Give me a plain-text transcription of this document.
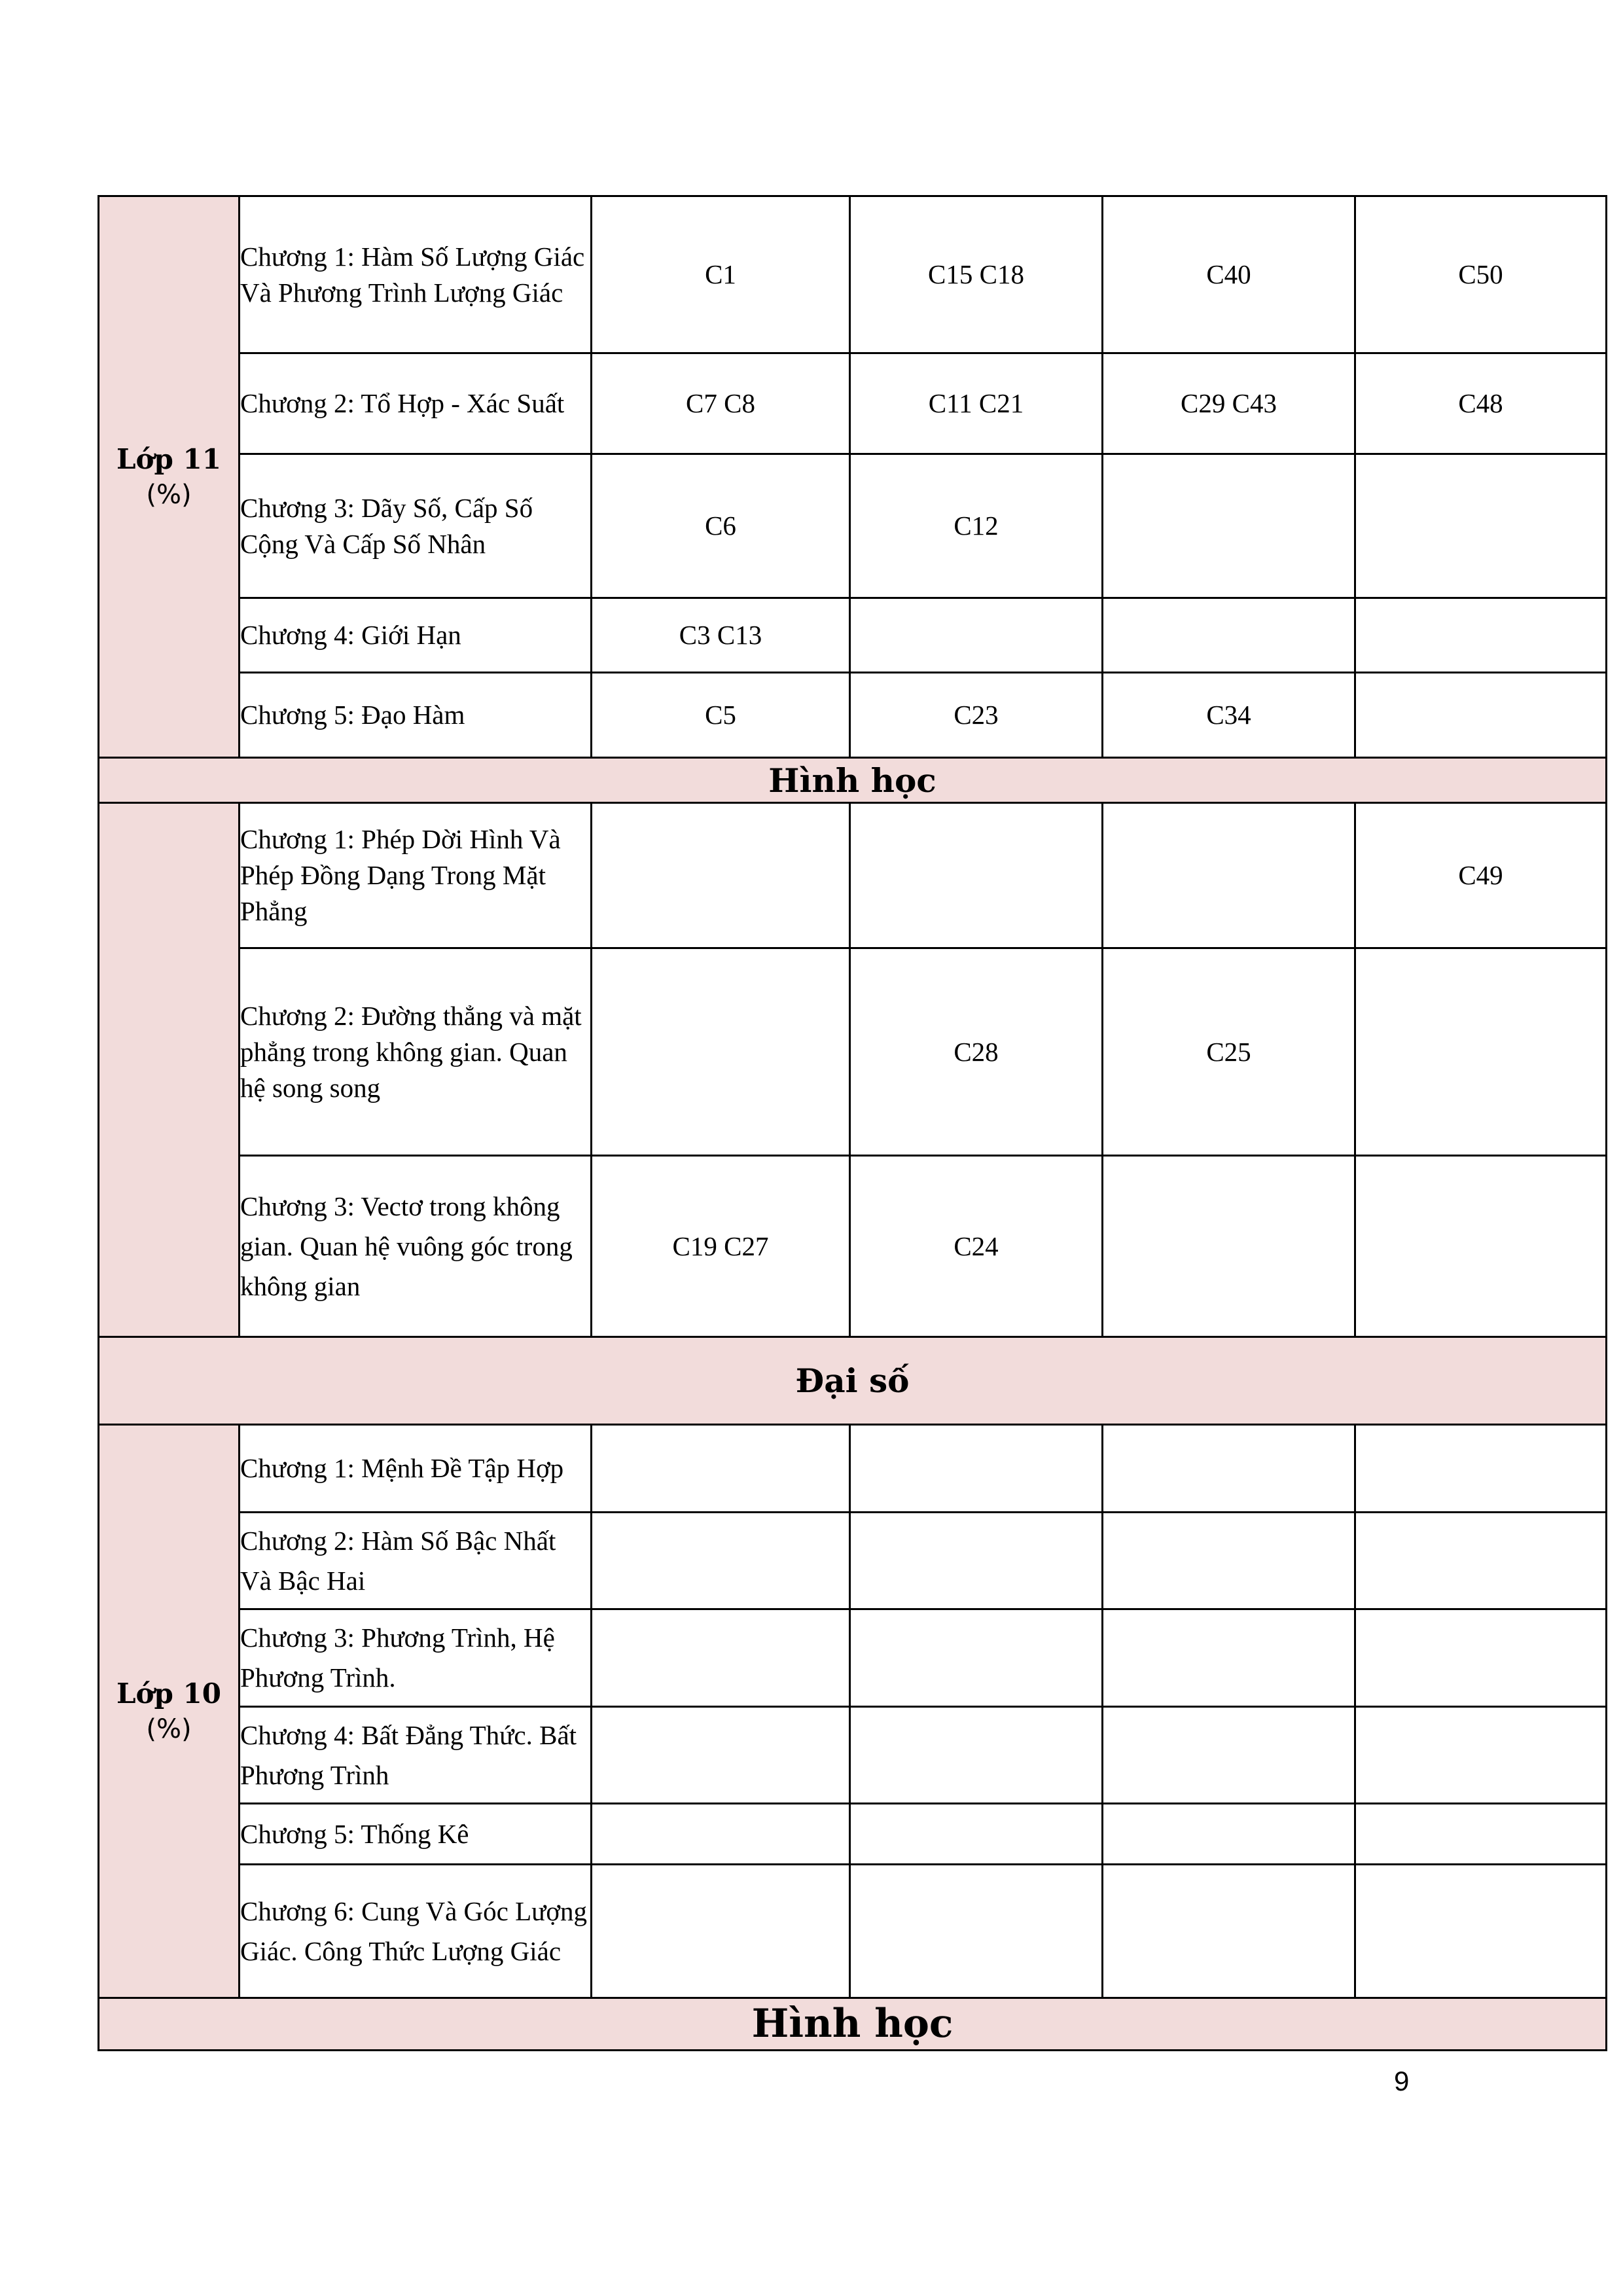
Lớp 11
(%)	Chương 1: Hàm Số Lượng Giác Và Phương Trình Lượng Giác	C1	C15 C18	C40	C50
	Chương 2: Tổ Hợp - Xác Suất	C7 C8	C11 C21	C29 C43	C48
	Chương 3: Dãy Số, Cấp Số Cộng Và Cấp Số Nhân	C6	C12		
	Chương 4: Giới Hạn	C3 C13			
	Chương 5: Đạo Hàm	C5	C23	C34	
Hình học					
	Chương 1: Phép Dời Hình Và Phép Đồng Dạng Trong Mặt Phẳng				C49
	Chương 2: Đường thẳng và mặt phẳng trong không gian. Quan hệ song song		C28	C25	
	Chương 3: Vectơ trong không gian. Quan hệ vuông góc trong không gian	C19 C27	C24		
Đại số					

Lớp 10
(%)	Chương 1: Mệnh Đề Tập Hợp				
	Chương 2: Hàm Số Bậc Nhất Và Bậc Hai				
	Chương 3: Phương Trình, Hệ Phương Trình.				
	Chương 4: Bất Đẳng Thức. Bất Phương Trình				
	Chương 5: Thống Kê				
	Chương 6: Cung Và Góc Lượng Giác. Công Thức Lượng Giác				
Hình học					
9
